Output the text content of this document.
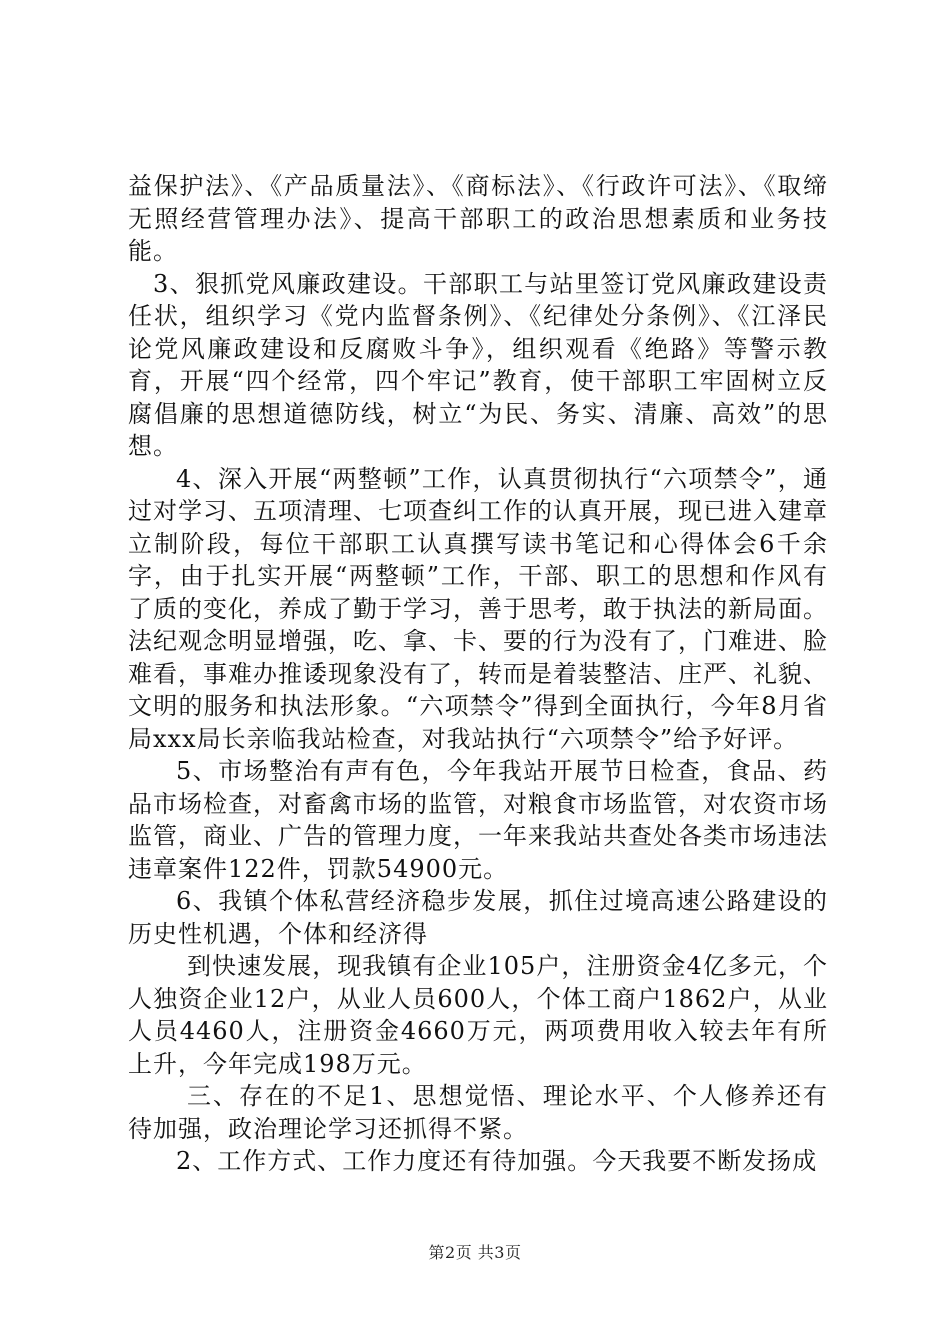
益保护法》、《产品质量法》、《商标法》、《行政许可法》、《取缔无照经营管理办法》、提高干部职工的政治思想素质和业务技能。

3、狠抓党风廉政建设。干部职工与站里签订党风廉政建设责任状，组织学习《党内监督条例》、《纪律处分条例》、《江泽民论党风廉政建设和反腐败斗争》，组织观看《绝路》等警示教育，开展“四个经常，四个牢记”教育，使干部职工牢固树立反腐倡廉的思想道德防线，树立“为民、务实、清廉、高效”的思想。

4、深入开展“两整顿”工作，认真贯彻执行“六项禁令”，通过对学习、五项清理、七项查纠工作的认真开展，现已进入建章立制阶段，每位干部职工认真撰写读书笔记和心得体会6千余字，由于扎实开展“两整顿”工作，干部、职工的思想和作风有了质的变化，养成了勤于学习，善于思考，敢于执法的新局面。法纪观念明显增强，吃、拿、卡、要的行为没有了，门难进、脸难看，事难办推诿现象没有了，转而是着装整洁、庄严、礼貌、文明的服务和执法形象。“六项禁令”得到全面执行，今年8月省局xxx局长亲临我站检查，对我站执行“六项禁令”给予好评。

5、市场整治有声有色，今年我站开展节日检查，食品、药品市场检查，对畜禽市场的监管，对粮食市场监管，对农资市场监管，商业、广告的管理力度，一年来我站共查处各类市场违法违章案件122件，罚款54900元。

6、我镇个体私营经济稳步发展，抓住过境高速公路建设的历史性机遇，个体和经济得

到快速发展，现我镇有企业105户，注册资金4亿多元，个人独资企业12户，从业人员600人，个体工商户1862户，从业人员4460人，注册资金4660万元，两项费用收入较去年有所上升，今年完成198万元。

三、存在的不足1、思想觉悟、理论水平、个人修养还有待加强，政治理论学习还抓得不紧。

2、工作方式、工作力度还有待加强。今天我要不断发扬成

第2页 共3页
